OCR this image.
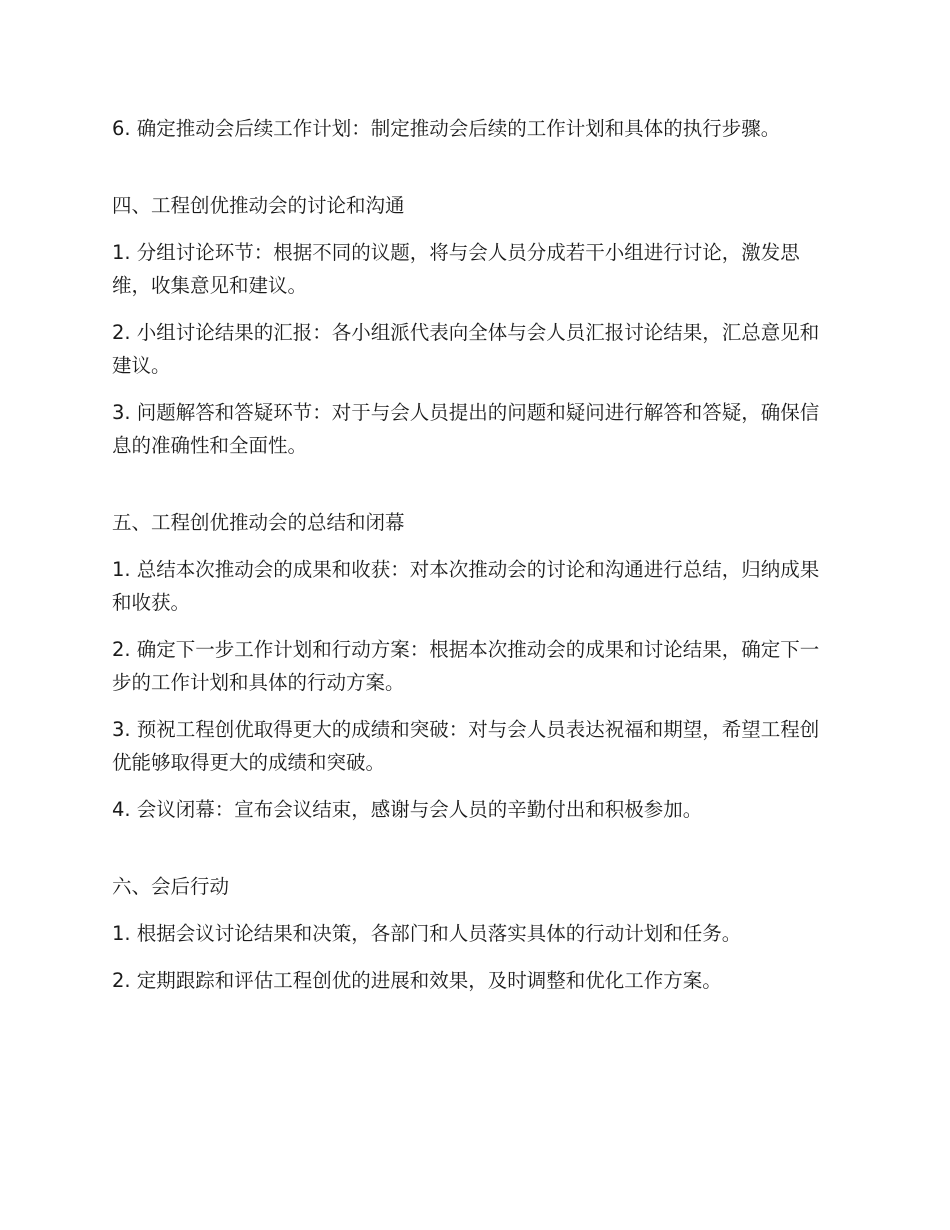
6. 确定推动会后续工作计划：制定推动会后续的工作计划和具体的执行步骤。

四、工程创优推动会的讨论和沟通

1. 分组讨论环节：根据不同的议题，将与会人员分成若干小组进行讨论，激发思维，收集意见和建议。

2. 小组讨论结果的汇报：各小组派代表向全体与会人员汇报讨论结果，汇总意见和建议。

3. 问题解答和答疑环节：对于与会人员提出的问题和疑问进行解答和答疑，确保信息的准确性和全面性。

五、工程创优推动会的总结和闭幕

1. 总结本次推动会的成果和收获：对本次推动会的讨论和沟通进行总结，归纳成果和收获。

2. 确定下一步工作计划和行动方案：根据本次推动会的成果和讨论结果，确定下一步的工作计划和具体的行动方案。

3. 预祝工程创优取得更大的成绩和突破：对与会人员表达祝福和期望，希望工程创优能够取得更大的成绩和突破。

4. 会议闭幕：宣布会议结束，感谢与会人员的辛勤付出和积极参加。

六、会后行动

1. 根据会议讨论结果和决策，各部门和人员落实具体的行动计划和任务。

2. 定期跟踪和评估工程创优的进展和效果，及时调整和优化工作方案。
